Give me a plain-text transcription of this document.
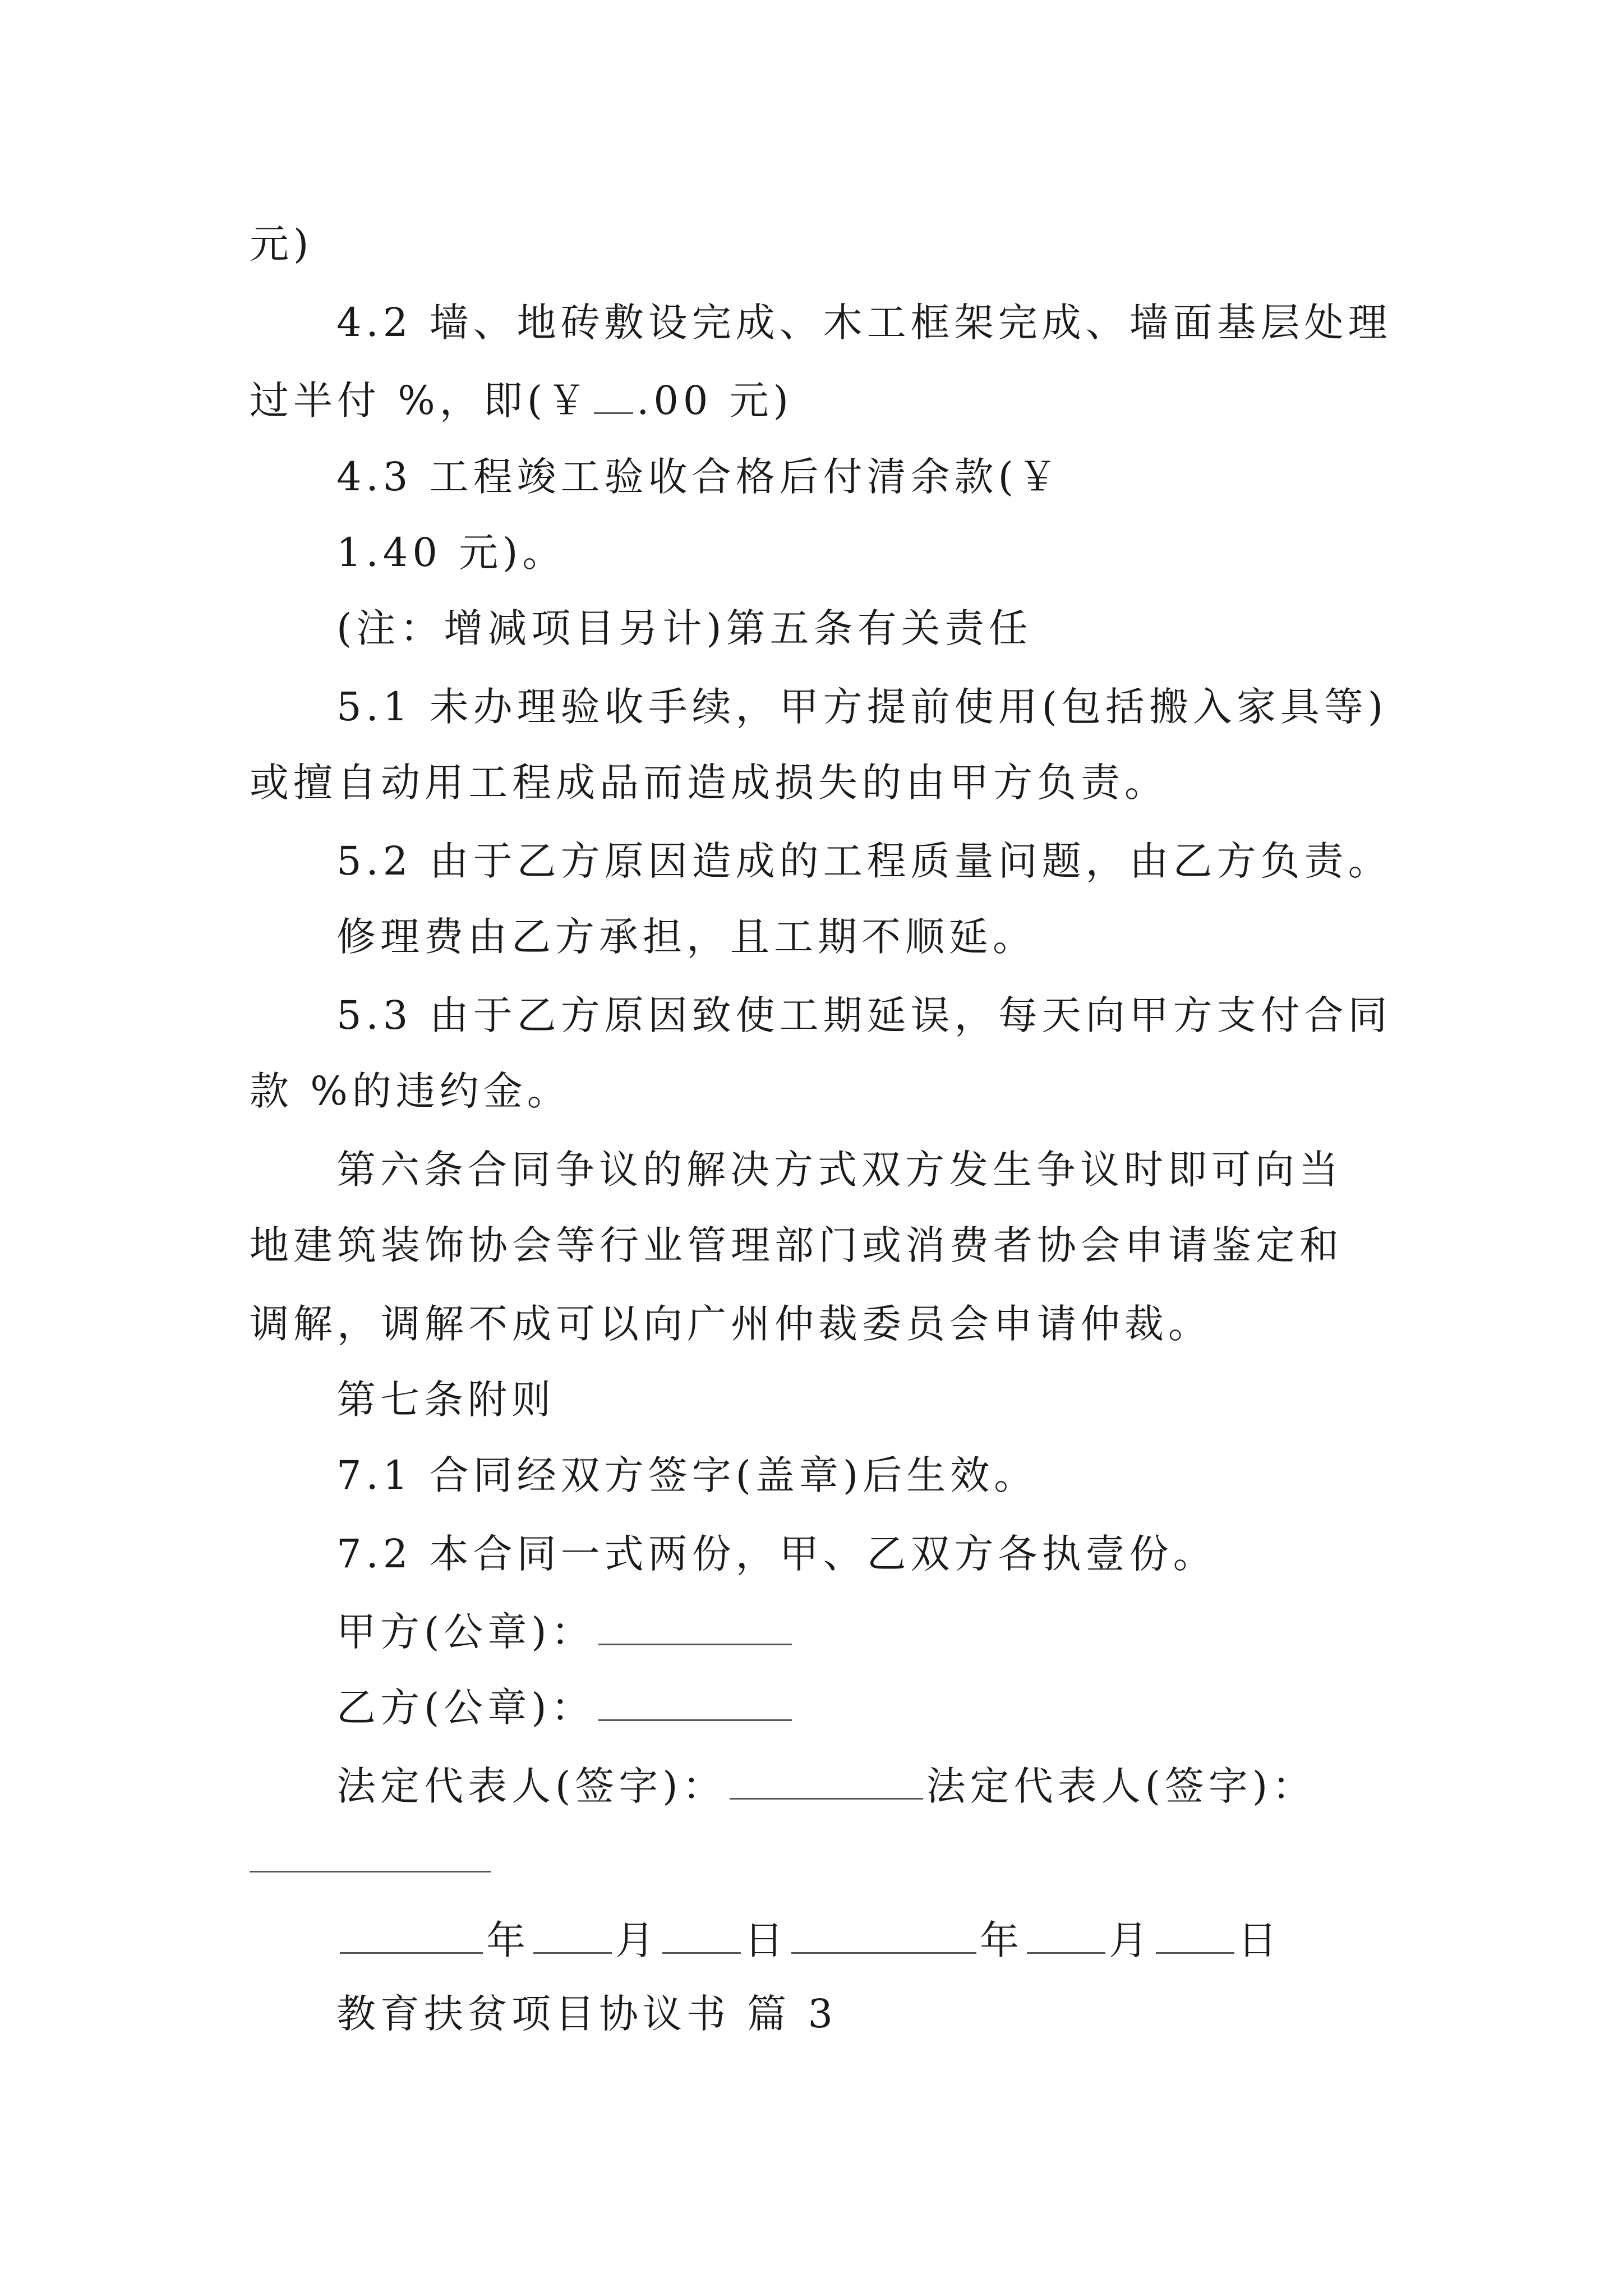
元)
4.2 墙、地砖敷设完成、木工框架完成、墙面基层处理
过半付 %，即(￥ .00 元)
4.3 工程竣工验收合格后付清余款(￥
1.40 元)。
(注：增减项目另计)第五条有关责任
5.1 未办理验收手续，甲方提前使用(包括搬入家具等)
或擅自动用工程成品而造成损失的由甲方负责。
5.2 由于乙方原因造成的工程质量问题，由乙方负责。
修理费由乙方承担，且工期不顺延。
5.3 由于乙方原因致使工期延误，每天向甲方支付合同
款 %的违约金。
第六条合同争议的解决方式双方发生争议时即可向当
地建筑装饰协会等行业管理部门或消费者协会申请鉴定和
调解，调解不成可以向广州仲裁委员会申请仲裁。
第七条附则
7.1 合同经双方签字(盖章)后生效。
7.2 本合同一式两份，甲、乙双方各执壹份。
甲方(公章)：
乙方(公章)：
法定代表人(签字)：	法定代表人(签字)：
年 月 日	年 月 日
教育扶贫项目协议书 篇 3
